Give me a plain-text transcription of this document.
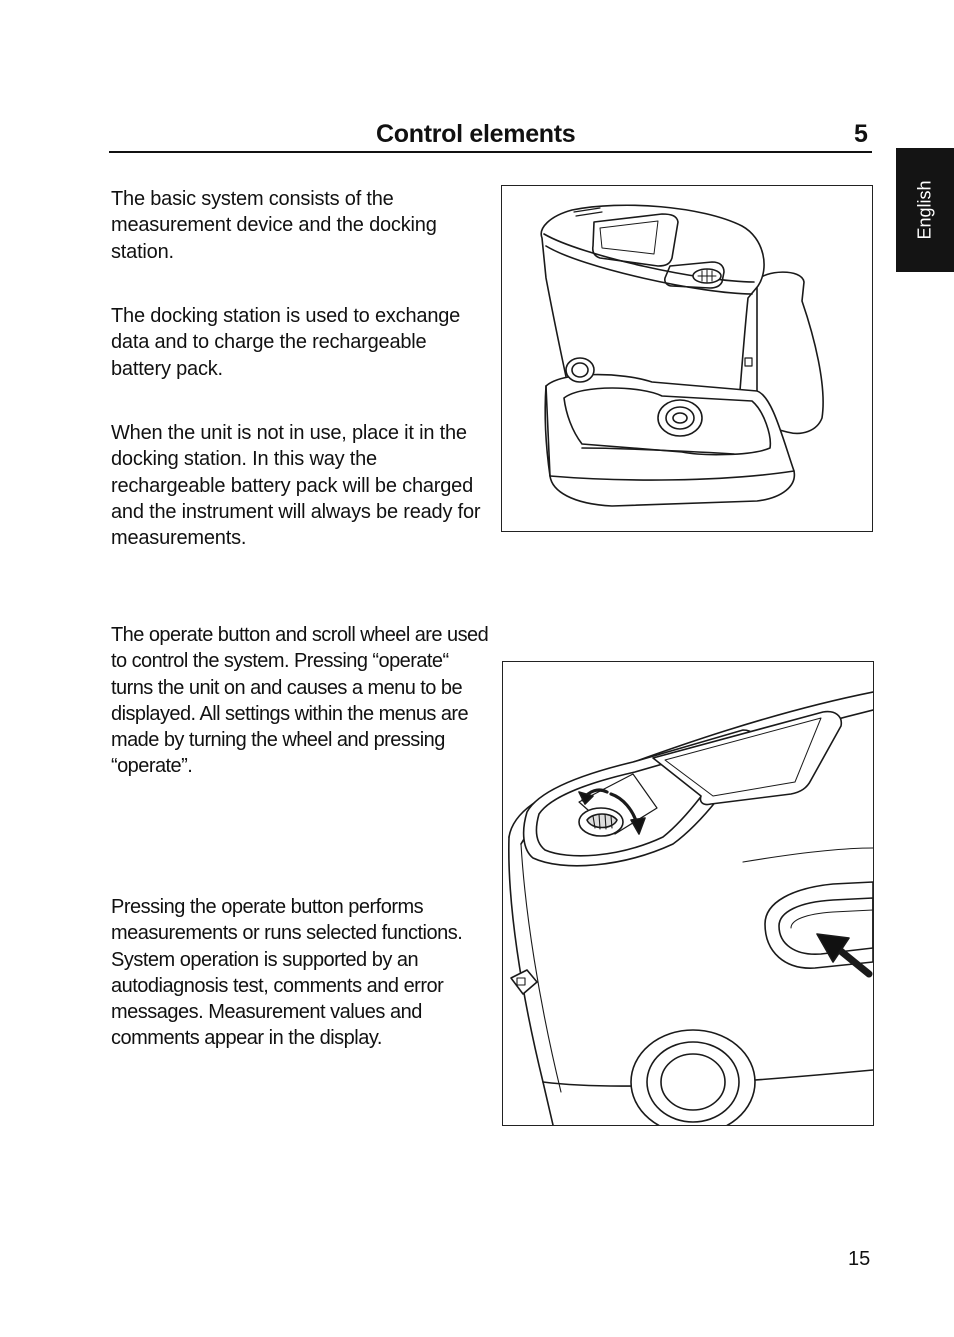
Control elements	5
English

The basic system consists of the measurement device and the docking station.

The docking station is used to exchange data and to charge the rechargeable battery pack.

When the unit is not in use, place it in the docking station. In this way the rechargeable battery pack will be charged and the instrument will always be ready for measurements.

The operate button and scroll wheel are used to control the system. Pressing “operate“ turns the unit on and causes a menu to be displayed. All settings within the menus are made by turning the wheel and pressing “operate”.

Pressing the operate button performs measurements or runs selected functions. System operation is supported by an autodiagnosis test, comments and error messages. Measurement values and comments appear in the display.

15
